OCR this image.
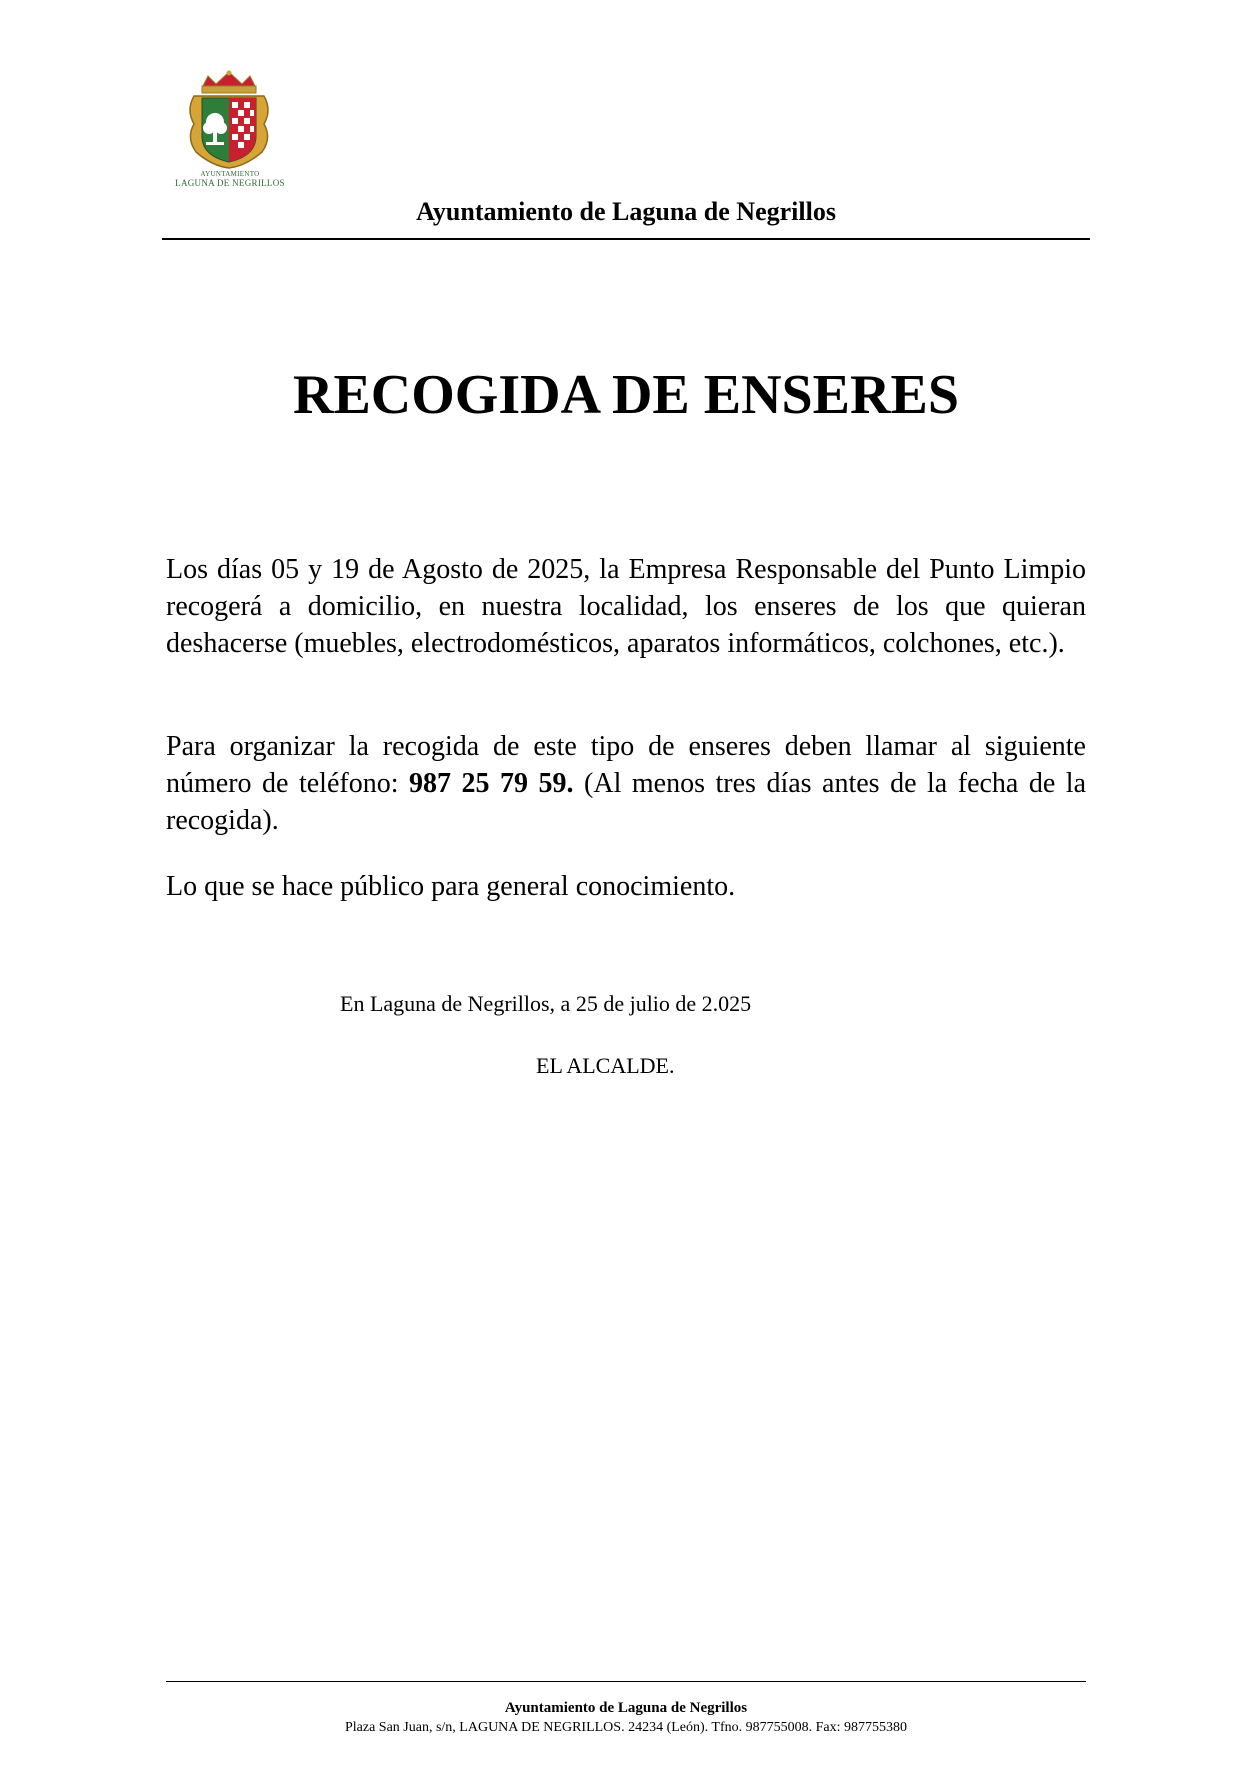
AYUNTAMIENTO
LAGUNA DE NEGRILLOS
Ayuntamiento de Laguna de Negrillos
RECOGIDA DE ENSERES

Los días 05 y 19 de Agosto de 2025, la Empresa Responsable del Punto Limpio recogerá a domicilio, en nuestra localidad, los enseres de los que quieran deshacerse (muebles, electrodomésticos, aparatos informáticos, colchones, etc.).

Para organizar la recogida de este tipo de enseres deben llamar al siguiente número de teléfono: 987 25 79 59. (Al menos tres días antes de la fecha de la recogida).

Lo que se hace público para general conocimiento.

En Laguna de Negrillos, a 25 de julio de 2.025
EL ALCALDE.
Ayuntamiento de Laguna de Negrillos
Plaza San Juan, s/n, LAGUNA DE NEGRILLOS. 24234 (León). Tfno. 987755008. Fax: 987755380
